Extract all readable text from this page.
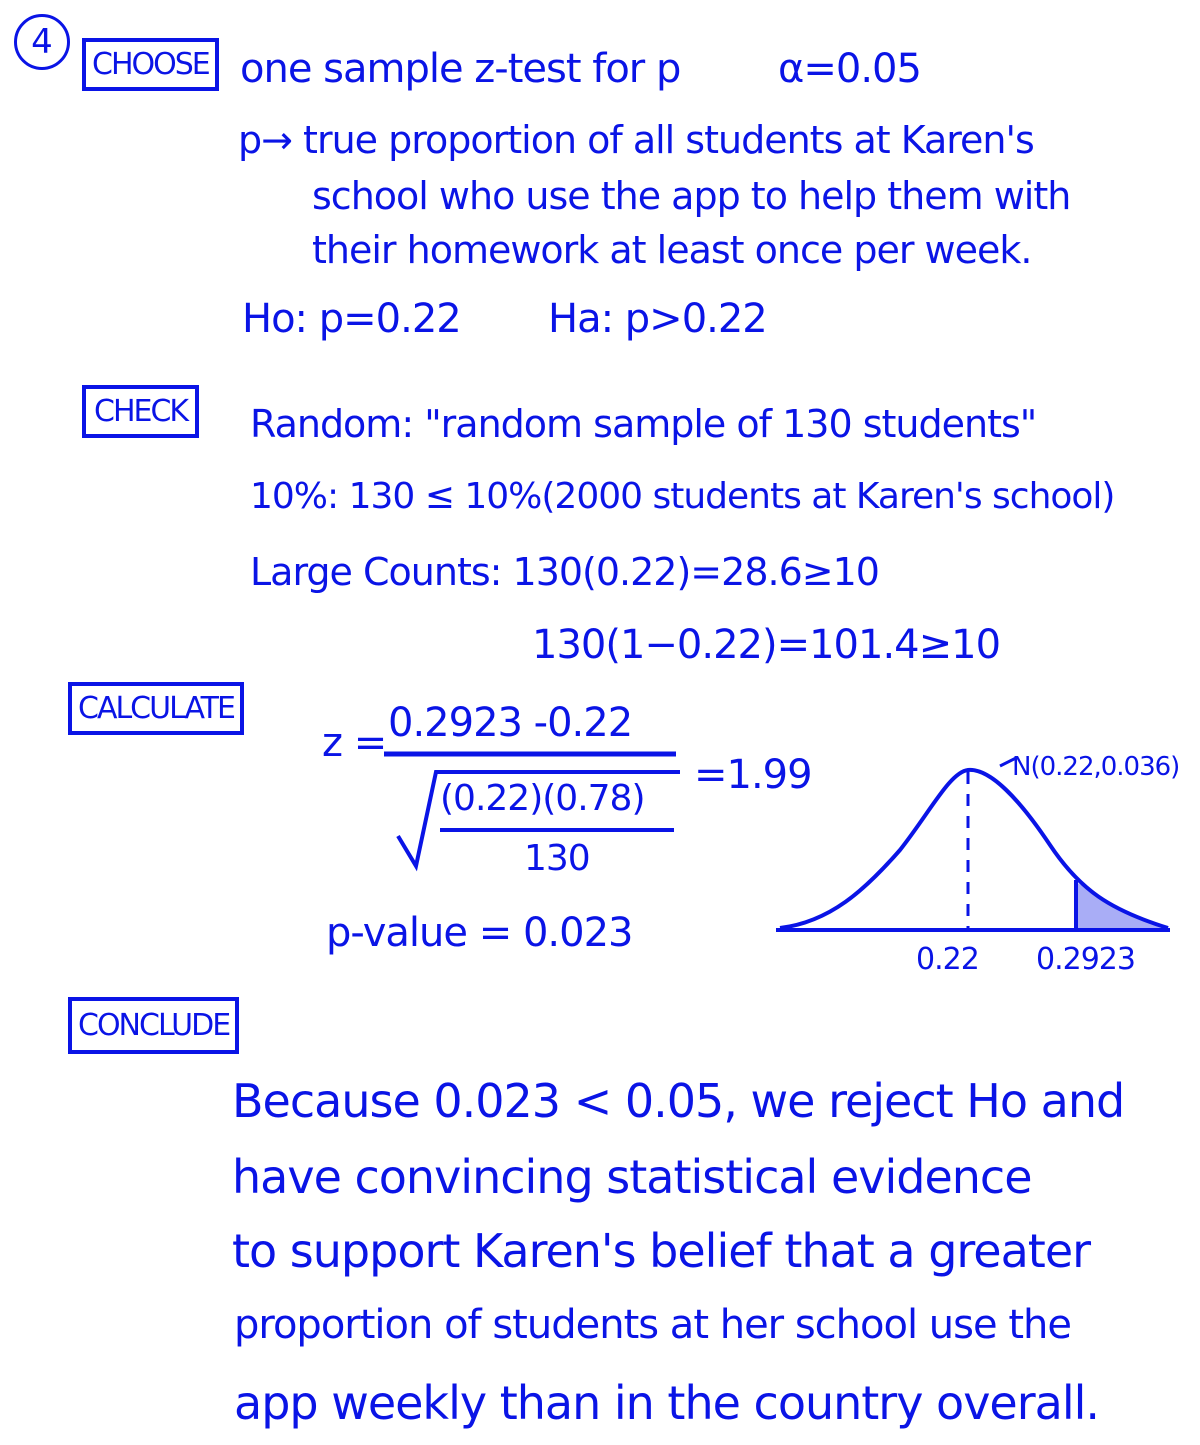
4
CHOOSE one sample z-test for p α=0.05
p→ true proportion of all students at Karen's
school who use the app to help them with
their homework at least once per week.
Ho: p=0.22 Ha: p>0.22
CHECK	Random: "random sample of 130 students"
10%: 130 ≤ 10%(2000 students at Karen's school)
Large Counts: 130(0.22)=28.6≥10
130(1−0.22)=101.4≥10
CALCULATE
z = 0.2923 -0.22
(0.22)(0.78)
130
=1.99
p-value = 0.023
N(0.22,0.036)
0.22 0.2923
CONCLUDE
Because 0.023 < 0.05, we reject Ho and
have convincing statistical evidence
to support Karen's belief that a greater
proportion of students at her school use the
app weekly than in the country overall.
